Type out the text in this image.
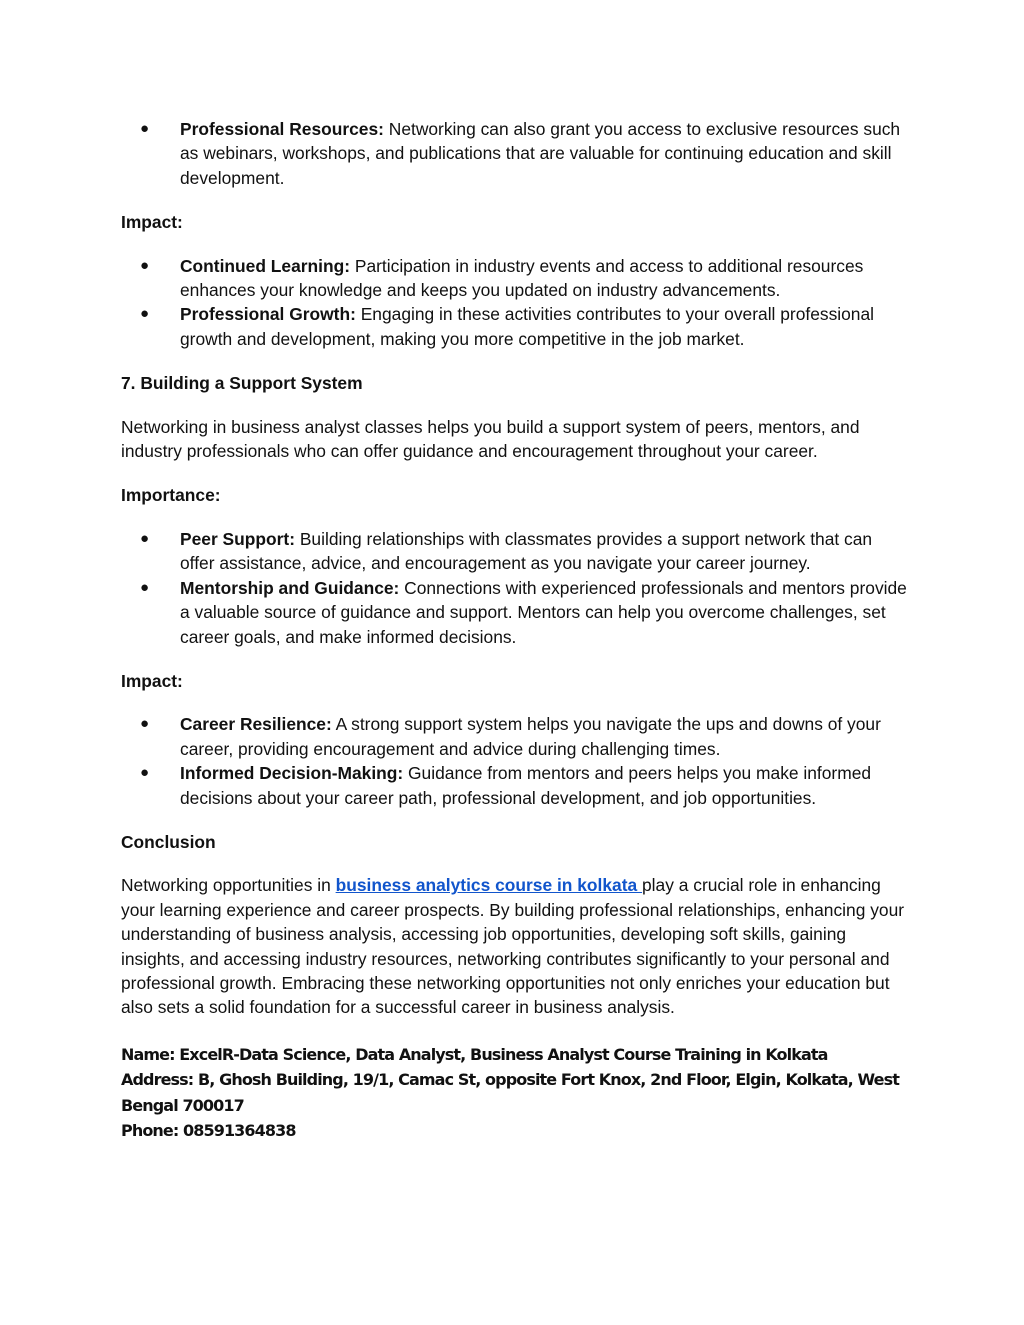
● Professional Resources: Networking can also grant you access to exclusive resources such as webinars, workshops, and publications that are valuable for continuing education and skill development.

Impact:

● Continued Learning: Participation in industry events and access to additional resources enhances your knowledge and keeps you updated on industry advancements.
● Professional Growth: Engaging in these activities contributes to your overall professional growth and development, making you more competitive in the job market.

7. Building a Support System

Networking in business analyst classes helps you build a support system of peers, mentors, and industry professionals who can offer guidance and encouragement throughout your career.

Importance:

● Peer Support: Building relationships with classmates provides a support network that can offer assistance, advice, and encouragement as you navigate your career journey.
● Mentorship and Guidance: Connections with experienced professionals and mentors provide a valuable source of guidance and support. Mentors can help you overcome challenges, set career goals, and make informed decisions.

Impact:

● Career Resilience: A strong support system helps you navigate the ups and downs of your career, providing encouragement and advice during challenging times.
● Informed Decision-Making: Guidance from mentors and peers helps you make informed decisions about your career path, professional development, and job opportunities.

Conclusion

Networking opportunities in business analytics course in kolkata play a crucial role in enhancing your learning experience and career prospects. By building professional relationships, enhancing your understanding of business analysis, accessing job opportunities, developing soft skills, gaining insights, and accessing industry resources, networking contributes significantly to your personal and professional growth. Embracing these networking opportunities not only enriches your education but also sets a solid foundation for a successful career in business analysis.

Name: ExcelR-Data Science, Data Analyst, Business Analyst Course Training in Kolkata Address: B, Ghosh Building, 19/1, Camac St, opposite Fort Knox, 2nd Floor, Elgin, Kolkata, West Bengal 700017
Phone: 08591364838
